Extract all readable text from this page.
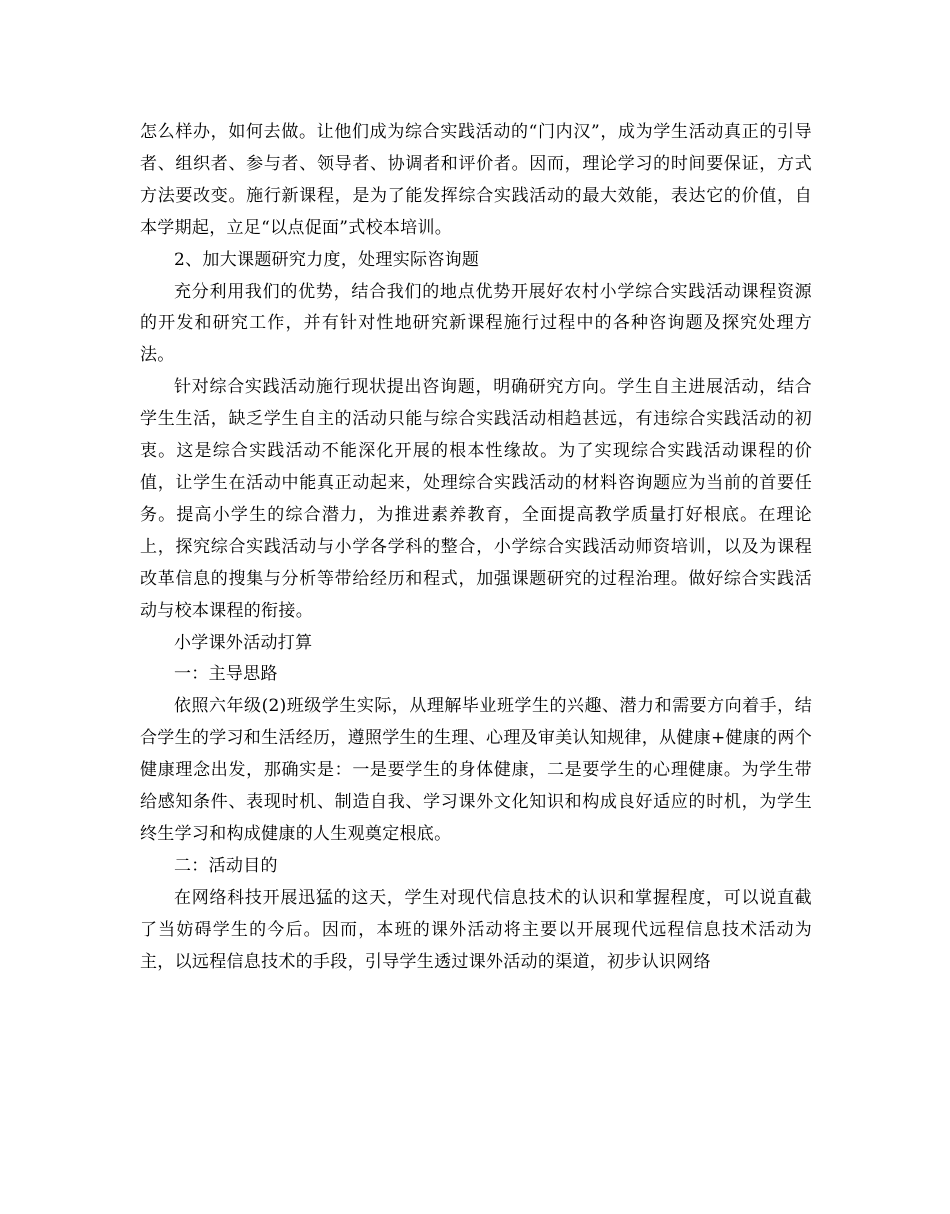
怎么样办，如何去做。让他们成为综合实践活动的“门内汉”，成为学生活动真正的引导者、组织者、参与者、领导者、协调者和评价者。因而，理论学习的时间要保证，方式方法要改变。施行新课程，是为了能发挥综合实践活动的最大效能，表达它的价值，自本学期起，立足“以点促面”式校本培训。

2、加大课题研究力度，处理实际咨询题

充分利用我们的优势，结合我们的地点优势开展好农村小学综合实践活动课程资源的开发和研究工作，并有针对性地研究新课程施行过程中的各种咨询题及探究处理方法。

针对综合实践活动施行现状提出咨询题，明确研究方向。学生自主进展活动，结合学生生活，缺乏学生自主的活动只能与综合实践活动相趋甚远，有违综合实践活动的初衷。这是综合实践活动不能深化开展的根本性缘故。为了实现综合实践活动课程的价值，让学生在活动中能真正动起来，处理综合实践活动的材料咨询题应为当前的首要任务。提高小学生的综合潜力，为推进素养教育，全面提高教学质量打好根底。在理论上，探究综合实践活动与小学各学科的整合，小学综合实践活动师资培训，以及为课程改革信息的搜集与分析等带给经历和程式，加强课题研究的过程治理。做好综合实践活动与校本课程的衔接。

小学课外活动打算

一：主导思路

依照六年级(2)班级学生实际，从理解毕业班学生的兴趣、潜力和需要方向着手，结合学生的学习和生活经历，遵照学生的生理、心理及审美认知规律，从健康+健康的两个健康理念出发，那确实是：一是要学生的身体健康，二是要学生的心理健康。为学生带给感知条件、表现时机、制造自我、学习课外文化知识和构成良好适应的时机，为学生终生学习和构成健康的人生观奠定根底。

二：活动目的

在网络科技开展迅猛的这天，学生对现代信息技术的认识和掌握程度，可以说直截了当妨碍学生的今后。因而，本班的课外活动将主要以开展现代远程信息技术活动为主，以远程信息技术的手段，引导学生透过课外活动的渠道，初步认识网络
